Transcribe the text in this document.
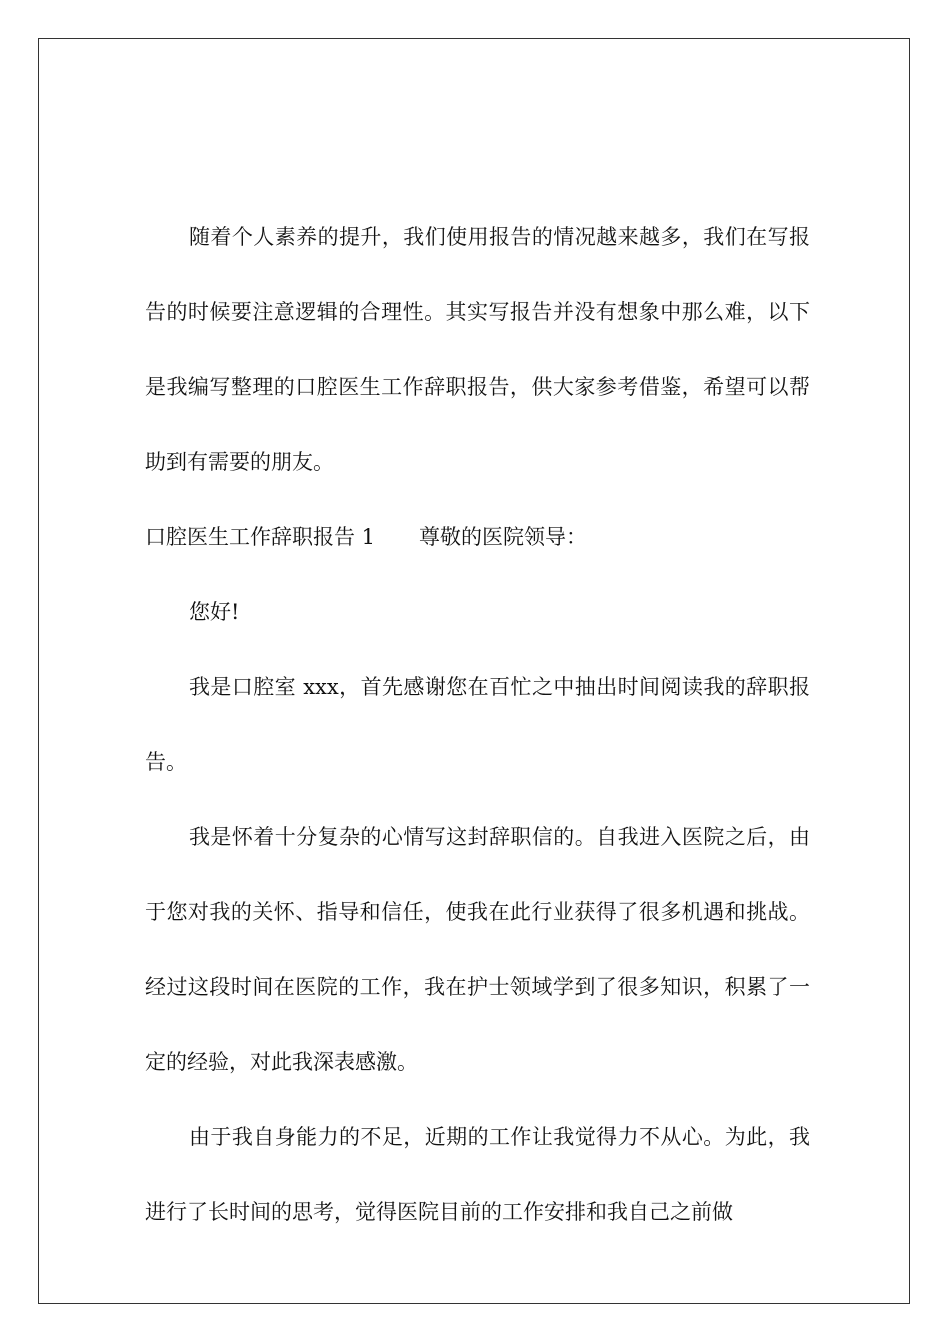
随着个人素养的提升，我们使用报告的情况越来越多，我们在写报告的时候要注意逻辑的合理性。其实写报告并没有想象中那么难，以下是我编写整理的口腔医生工作辞职报告，供大家参考借鉴，希望可以帮助到有需要的朋友。

口腔医生工作辞职报告 1 尊敬的医院领导：

您好!

我是口腔室 xxx，首先感谢您在百忙之中抽出时间阅读我的辞职报告。

我是怀着十分复杂的心情写这封辞职信的。自我进入医院之后，由于您对我的关怀、指导和信任，使我在此行业获得了很多机遇和挑战。经过这段时间在医院的工作，我在护士领域学到了很多知识，积累了一定的经验，对此我深表感激。

由于我自身能力的不足，近期的工作让我觉得力不从心。为此，我进行了长时间的思考，觉得医院目前的工作安排和我自己之前做
